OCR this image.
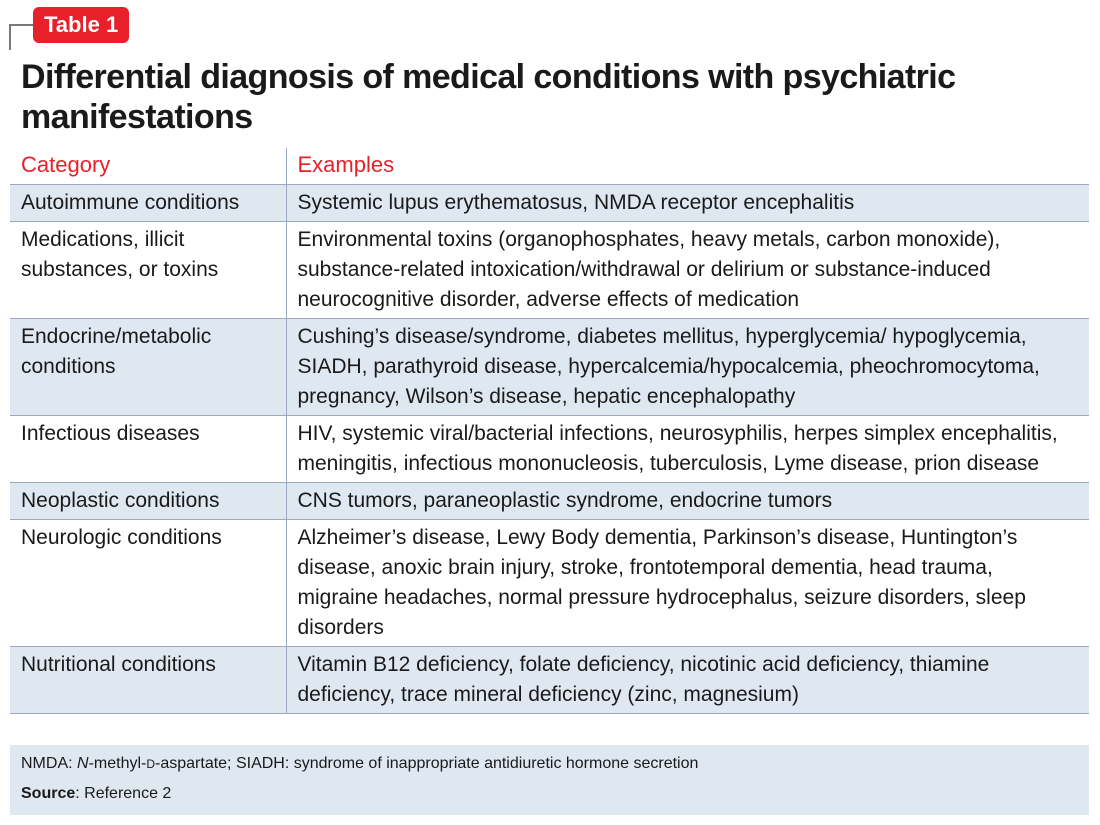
Table 1
Differential diagnosis of medical conditions with psychiatric manifestations
Category	Examples
Autoimmune conditions	Systemic lupus erythematosus, NMDA receptor encephalitis
Medications, illicit substances, or toxins	Environmental toxins (organophosphates, heavy metals, carbon monoxide), substance-related intoxication/withdrawal or delirium or substance-induced neurocognitive disorder, adverse effects of medication
Endocrine/metabolic conditions	Cushing’s disease/syndrome, diabetes mellitus, hyperglycemia/ hypoglycemia, SIADH, parathyroid disease, hypercalcemia/hypocalcemia, pheochromocytoma, pregnancy, Wilson’s disease, hepatic encephalopathy
Infectious diseases	HIV, systemic viral/bacterial infections, neurosyphilis, herpes simplex encephalitis, meningitis, infectious mononucleosis, tuberculosis, Lyme disease, prion disease
Neoplastic conditions	CNS tumors, paraneoplastic syndrome, endocrine tumors
Neurologic conditions	Alzheimer’s disease, Lewy Body dementia, Parkinson’s disease, Huntington’s disease, anoxic brain injury, stroke, frontotemporal dementia, head trauma, migraine headaches, normal pressure hydrocephalus, seizure disorders, sleep disorders
Nutritional conditions	Vitamin B12 deficiency, folate deficiency, nicotinic acid deficiency, thiamine deficiency, trace mineral deficiency (zinc, magnesium)

NMDA: N-methyl-D-aspartate; SIADH: syndrome of inappropriate antidiuretic hormone secretion

Source: Reference 2
